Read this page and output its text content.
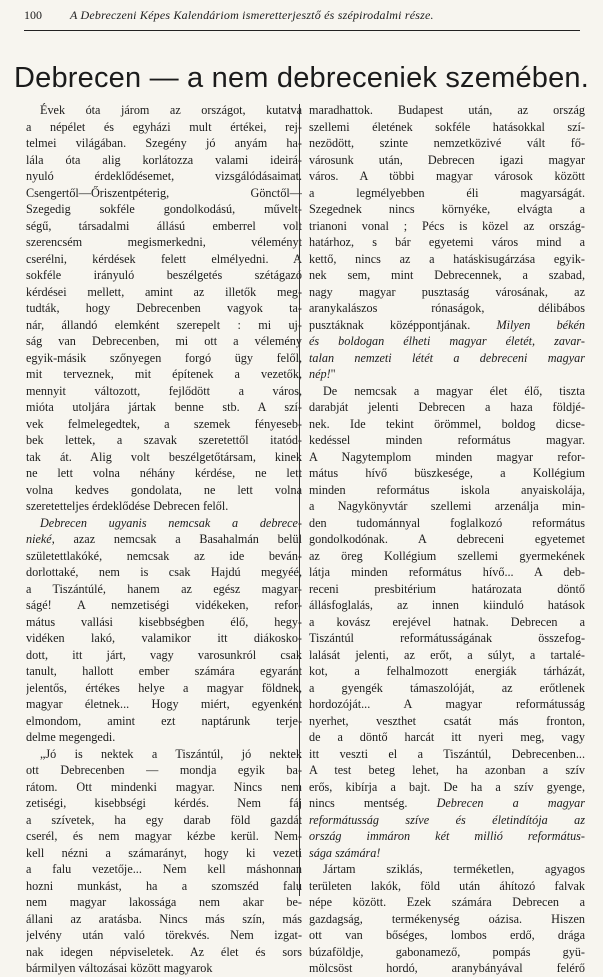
100	A Debreczeni Képes Kalendáriom ismeretterjesztő és szépirodalmi része.
Debrecen — a nem debreceniek szemében.
Évek óta járom az országot, kutatva
a népélet és egyházi mult értékei, rej-
telmei világában. Szegény jó anyám ha-
lála óta alig korlátozza valami ideirá-
nyuló érdeklődésemet, vizsgálódásaimat.
Csengertől—Őriszentpéterig, Gönctől—
Szegedig sokféle gondolkodású, művelt-
ségű, társadalmi állású emberrel volt
szerencsém megismerkedni, véleményt
cserélni, kérdések felett elmélyedni. A
sokféle irányuló beszélgetés szétágazó
kérdései mellett, amint az illetők meg-
tudták, hogy Debrecenben vagyok ta-
nár, állandó elemként szerepelt : mi uj-
ság van Debrecenben, mi ott a vélemény
egyik-másik szőnyegen forgó ügy felől,
mit terveznek, mit építenek a vezetők,
mennyit változott, fejlődött a város,
mióta utoljára jártak benne stb. A szí-
vek felmelegedtek, a szemek fényeseb-
bek lettek, a szavak szeretettől itatód-
tak át. Alig volt beszélgetőtársam, kinek
ne lett volna néhány kérdése, ne lett
volna kedves gondolata, ne lett volna
szeretetteljes érdeklődése Debrecen felől.
Debrecen ugyanis nemcsak a debrece-
nieké, azaz nemcsak a Basahalmán belül
születettlakóké, nemcsak az ide beván-
dorlottaké, nem is csak Hajdú megyéé,
a Tiszántúlé, hanem az egész magyar-
ságé! A nemzetiségi vidékeken, refor-
mátus vallási kisebbségben élő, hegy-
vidéken lakó, valamikor itt diákosko-
dott, itt járt, vagy varosunkról csak
tanult, hallott ember számára egyaránt
jelentős, értékes helye a magyar földnek,
magyar életnek... Hogy miért, egyenként
elmondom, amint ezt naptárunk terje-
delme megengedi.
„Jó is nektek a Tiszántúl, jó nektek
ott Debrecenben — mondja egyik ba-
rátom. Ott mindenki magyar. Nincs nem
zetiségi, kisebbségi kérdés. Nem fáj
a szívetek, ha egy darab föld gazdát
cserél, és nem magyar kézbe kerül. Nem-
kell nézni a számarányt, hogy ki vezeti
a falu vezetője... Nem kell máshonnan
hozni munkást, ha a szomszéd falu
nem magyar lakossága nem akar be-
állani az aratásba. Nincs más szín, más
jelvény után való törekvés. Nem izgat-
nak idegen népviseletek. Az élet és sors
bármilyen változásai között magyarok
maradhattok. Budapest után, az ország
szellemi életének sokféle hatásokkal szí-
nezödött, szinte nemzetközivé vált fő-
városunk után, Debrecen igazi magyar
város. A többi magyar városok között
a legmélyebben éli magyarságát.
Szegednek nincs környéke, elvágta a
trianoni vonal ; Pécs is közel az ország-
határhoz, s bár egyetemi város mind a
kettő, nincs az a hatáskisugárzása egyik-
nek sem, mint Debrecennek, a szabad,
nagy magyar pusztaság városának, az
aranykalászos rónaságok, délibábos
pusztáknak középpontjának. Milyen békén
és boldogan élheti magyar életét, zavar-
talan nemzeti létét a debreceni magyar
nép!"
De nemcsak a magyar élet élő, tiszta
darabját jelenti Debrecen a haza földjé-
nek. Ide tekint örömmel, boldog dicse-
kedéssel minden református magyar.
A Nagytemplom minden magyar refor-
mátus hívő büszkesége, a Kollégium
minden református iskola anyaiskolája,
a Nagykönyvtár szellemi arzenálja min-
den tudománnyal foglalkozó református
gondolkodónak. A debreceni egyetemet
az öreg Kollégium szellemi gyermekének
látja minden református hívő... A deb-
receni presbitérium határozata döntő
állásfoglalás, az innen kiinduló hatások
a kovász erejével hatnak. Debrecen a
Tiszántúl reformátusságának összefog-
lalását jelenti, az erőt, a súlyt, a tartalé-
kot, a felhalmozott energiák tárházát,
a gyengék támaszolóját, az erőtlenek
hordozóját... A magyar reformátusság
nyerhet, veszthet csatát más fronton,
de a döntő harcát itt nyeri meg, vagy
itt veszti el a Tiszántúl, Debrecenben...
A test beteg lehet, ha azonban a szív
erős, kibírja a bajt. De ha a szív gyenge,
nincs mentség. Debrecen a magyar
reformátusság szíve és életindítója az
ország immáron két millió református-
sága számára!
Jártam sziklás, terméketlen, agyagos
területen lakók, föld után áhítozó falvak
népe között. Ezek számára Debrecen a
gazdagság, termékenység oázisa. Hiszen
ott van bőséges, lombos erdő, drága
búzaföldje, gabonamező, pompás gyü-
mölcsöst hordó, aranybányával felérő
